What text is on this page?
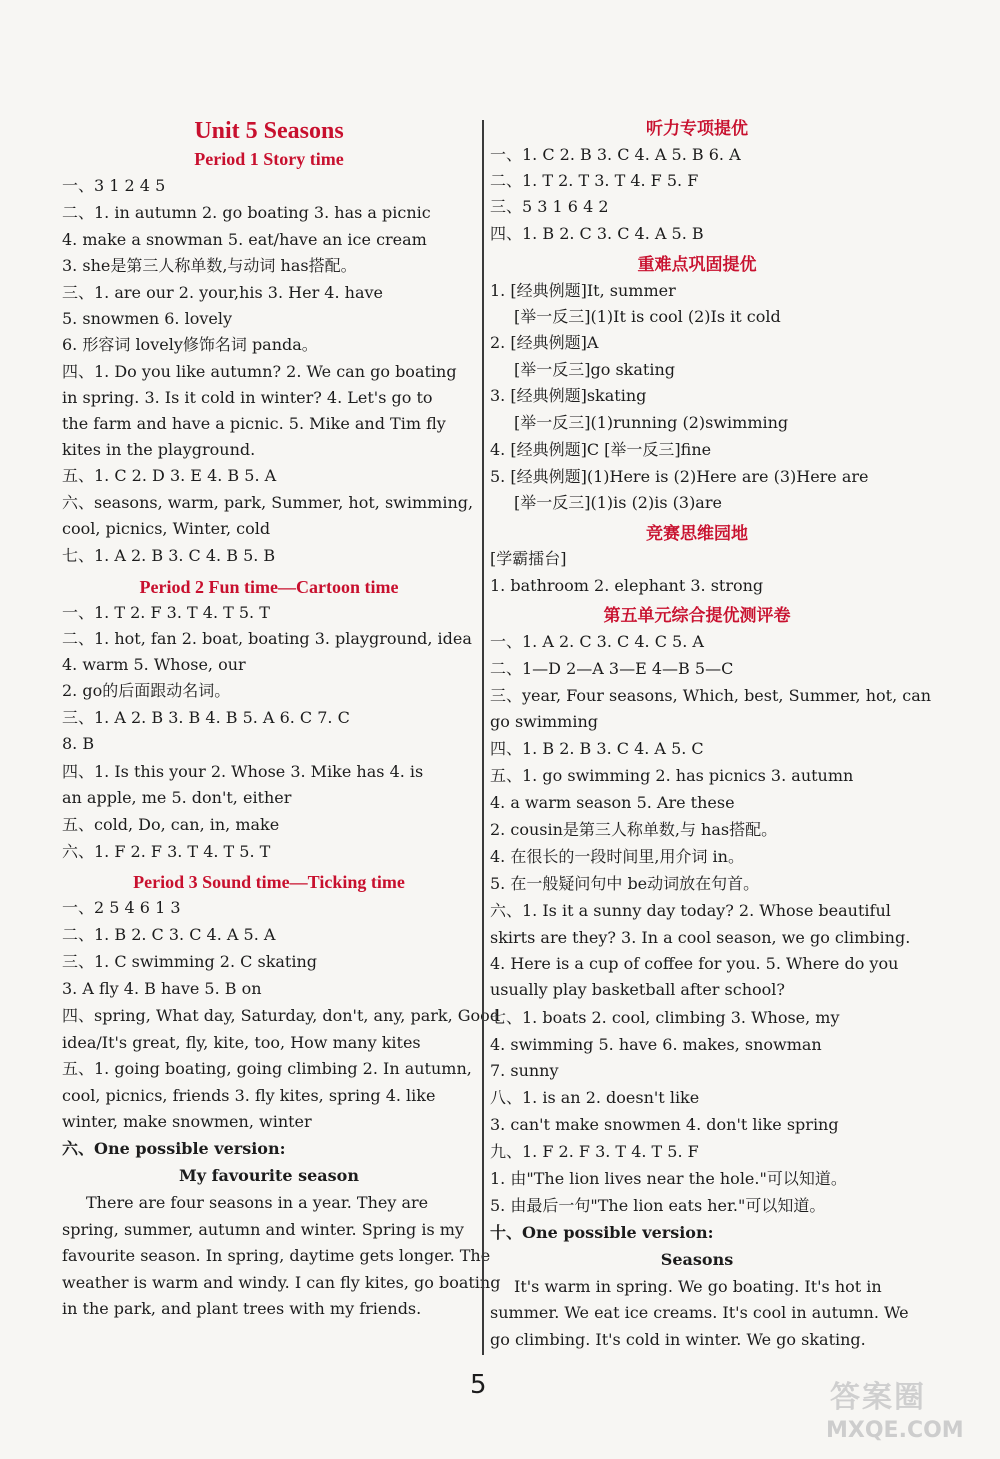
Unit 5 Seasons
Period 1 Story time
一、3 1 2 4 5
二、1. in autumn 2. go boating 3. has a picnic
4. make a snowman 5. eat/have an ice cream
3. she是第三人称单数,与动词 has搭配。
三、1. are our 2. your,his 3. Her 4. have
5. snowmen 6. lovely
6. 形容词 lovely修饰名词 panda。
四、1. Do you like autumn? 2. We can go boating
in spring. 3. Is it cold in winter? 4. Let's go to
the farm and have a picnic. 5. Mike and Tim fly
kites in the playground.
五、1. C 2. D 3. E 4. B 5. A
六、seasons, warm, park, Summer, hot, swimming,
cool, picnics, Winter, cold
七、1. A 2. B 3. C 4. B 5. B
Period 2 Fun time—Cartoon time
一、1. T 2. F 3. T 4. T 5. T
二、1. hot, fan 2. boat, boating 3. playground, idea
4. warm 5. Whose, our
2. go的后面跟动名词。
三、1. A 2. B 3. B 4. B 5. A 6. C 7. C
8. B
四、1. Is this your 2. Whose 3. Mike has 4. is
an apple, me 5. don't, either
五、cold, Do, can, in, make
六、1. F 2. F 3. T 4. T 5. T
Period 3 Sound time—Ticking time
一、2 5 4 6 1 3
二、1. B 2. C 3. C 4. A 5. A
三、1. C swimming 2. C skating
3. A fly 4. B have 5. B on
四、spring, What day, Saturday, don't, any, park, Good
idea/It's great, fly, kite, too, How many kites
五、1. going boating, going climbing 2. In autumn,
cool, picnics, friends 3. fly kites, spring 4. like
winter, make snowmen, winter
六、One possible version:
My favourite season
There are four seasons in a year. They are
spring, summer, autumn and winter. Spring is my
favourite season. In spring, daytime gets longer. The
weather is warm and windy. I can fly kites, go boating
in the park, and plant trees with my friends.
听力专项提优
一、1. C 2. B 3. C 4. A 5. B 6. A
二、1. T 2. T 3. T 4. F 5. F
三、5 3 1 6 4 2
四、1. B 2. C 3. C 4. A 5. B
重难点巩固提优
1. [经典例题]It, summer
[举一反三](1)It is cool (2)Is it cold
2. [经典例题]A
[举一反三]go skating
3. [经典例题]skating
[举一反三](1)running (2)swimming
4. [经典例题]C [举一反三]fine
5. [经典例题](1)Here is (2)Here are (3)Here are
[举一反三](1)is (2)is (3)are
竞赛思维园地
[学霸擂台]
1. bathroom 2. elephant 3. strong
第五单元综合提优测评卷
一、1. A 2. C 3. C 4. C 5. A
二、1—D 2—A 3—E 4—B 5—C
三、year, Four seasons, Which, best, Summer, hot, can
go swimming
四、1. B 2. B 3. C 4. A 5. C
五、1. go swimming 2. has picnics 3. autumn
4. a warm season 5. Are these
2. cousin是第三人称单数,与 has搭配。
4. 在很长的一段时间里,用介词 in。
5. 在一般疑问句中 be动词放在句首。
六、1. Is it a sunny day today? 2. Whose beautiful
skirts are they? 3. In a cool season, we go climbing.
4. Here is a cup of coffee for you. 5. Where do you
usually play basketball after school?
七、1. boats 2. cool, climbing 3. Whose, my
4. swimming 5. have 6. makes, snowman
7. sunny
八、1. is an 2. doesn't like
3. can't make snowmen 4. don't like spring
九、1. F 2. F 3. T 4. T 5. F
1. 由"The lion lives near the hole."可以知道。
5. 由最后一句"The lion eats her."可以知道。
十、One possible version:
Seasons
It's warm in spring. We go boating. It's hot in
summer. We eat ice creams. It's cool in autumn. We
go climbing. It's cold in winter. We go skating.
5	答案圈
MXQE.COM
